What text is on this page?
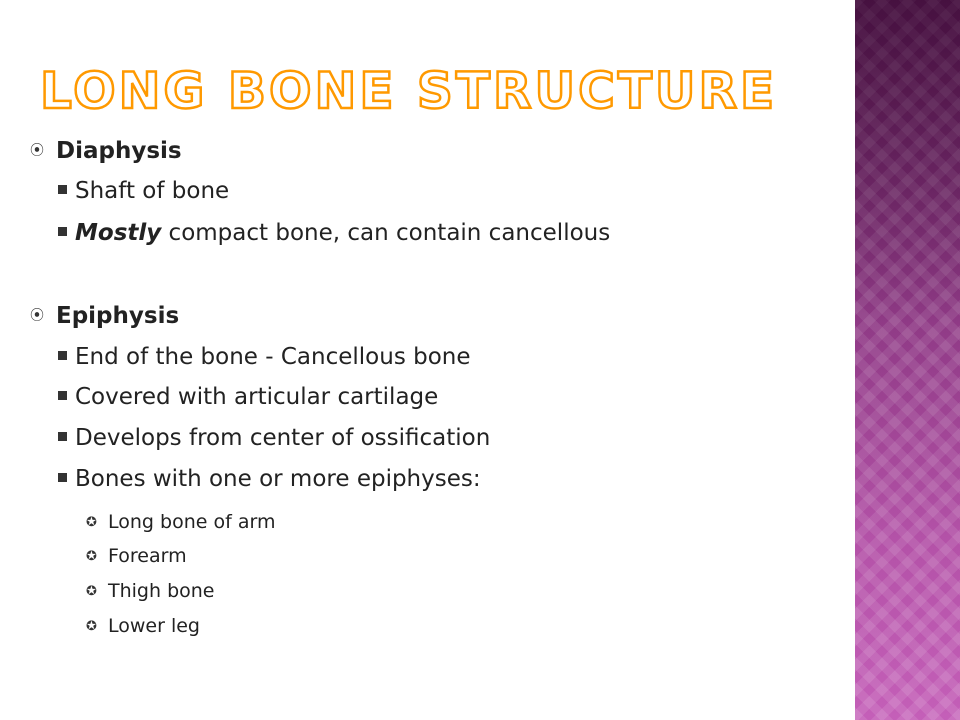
LONG BONE STRUCTURE
⦿ Diaphysis
Shaft of bone
Mostly compact bone, can contain cancellous
⦿ Epiphysis
End of the bone - Cancellous bone
Covered with articular cartilage
Develops from center of ossification
Bones with one or more epiphyses:
✪ Long bone of arm
✪ Forearm
✪ Thigh bone
✪ Lower leg
